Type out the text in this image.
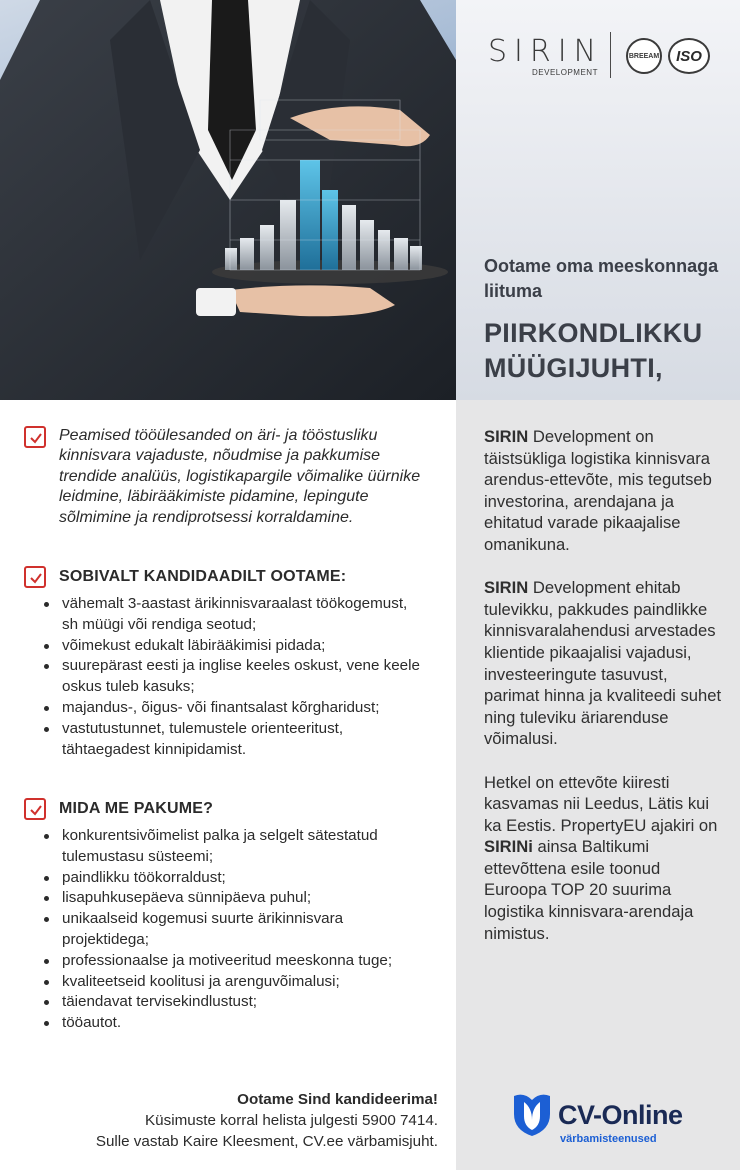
SIRIN
DEVELOPMENT
BREEAM	ISO
Ootame oma meeskonnaga liituma
PIIRKONDLIKKU MÜÜGIJUHTI,

SIRIN Development on täistsükliga logistika kinnisvara arendus-ettevõte, mis tegutseb investorina, arendajana ja ehitatud varade pikaajalise omanikuna.

SIRIN Development ehitab tulevikku, pakkudes paindlikke kinnisvaralahendusi arvestades klientide pikaajalisi vajadusi, investeeringute tasuvust, parimat hinna ja kvaliteedi suhet ning tuleviku äriarenduse võimalusi.

Hetkel on ettevõte kiiresti kasvamas nii Leedus, Lätis kui ka Eestis. PropertyEU ajakiri on SIRINi ainsa Baltikumi ettevõttena esile toonud Euroopa TOP 20 suurima logistika kinnisvara-arendaja nimistus.

CV-Online
värbamisteenused
Peamised tööülesanded on äri- ja tööstusliku kinnisvara vajaduste, nõudmise ja pakkumise trendide analüüs, logistikapargile võimalike üürnike leidmine, läbirääkimiste pidamine, lepingute sõlmimine ja rendiprotsessi korraldamine.
SOBIVALT KANDIDAADILT OOTAME:
vähemalt 3-aastast ärikinnisvaraalast töökogemust, sh müügi või rendiga seotud;
võimekust edukalt läbirääkimisi pidada;
suurepärast eesti ja inglise keeles oskust, vene keele oskus tuleb kasuks;
majandus-, õigus- või finantsalast kõrgharidust;
vastutustunnet, tulemustele orienteeritust, tähtaegadest kinnipidamist.
MIDA ME PAKUME?
konkurentsivõimelist palka ja selgelt sätestatud tulemustasu süsteemi;
paindlikku töökorraldust;
lisapuhkusepäeva sünnipäeva puhul;
unikaalseid kogemusi suurte ärikinnisvara projektidega;
professionaalse ja motiveeritud meeskonna tuge;
kvaliteetseid koolitusi ja arenguvõimalusi;
täiendavat tervisekindlustust;
tööautot.
Ootame Sind kandideerima!
Küsimuste korral helista julgesti 5900 7414.
Sulle vastab Kaire Kleesment, CV.ee värbamisjuht.
